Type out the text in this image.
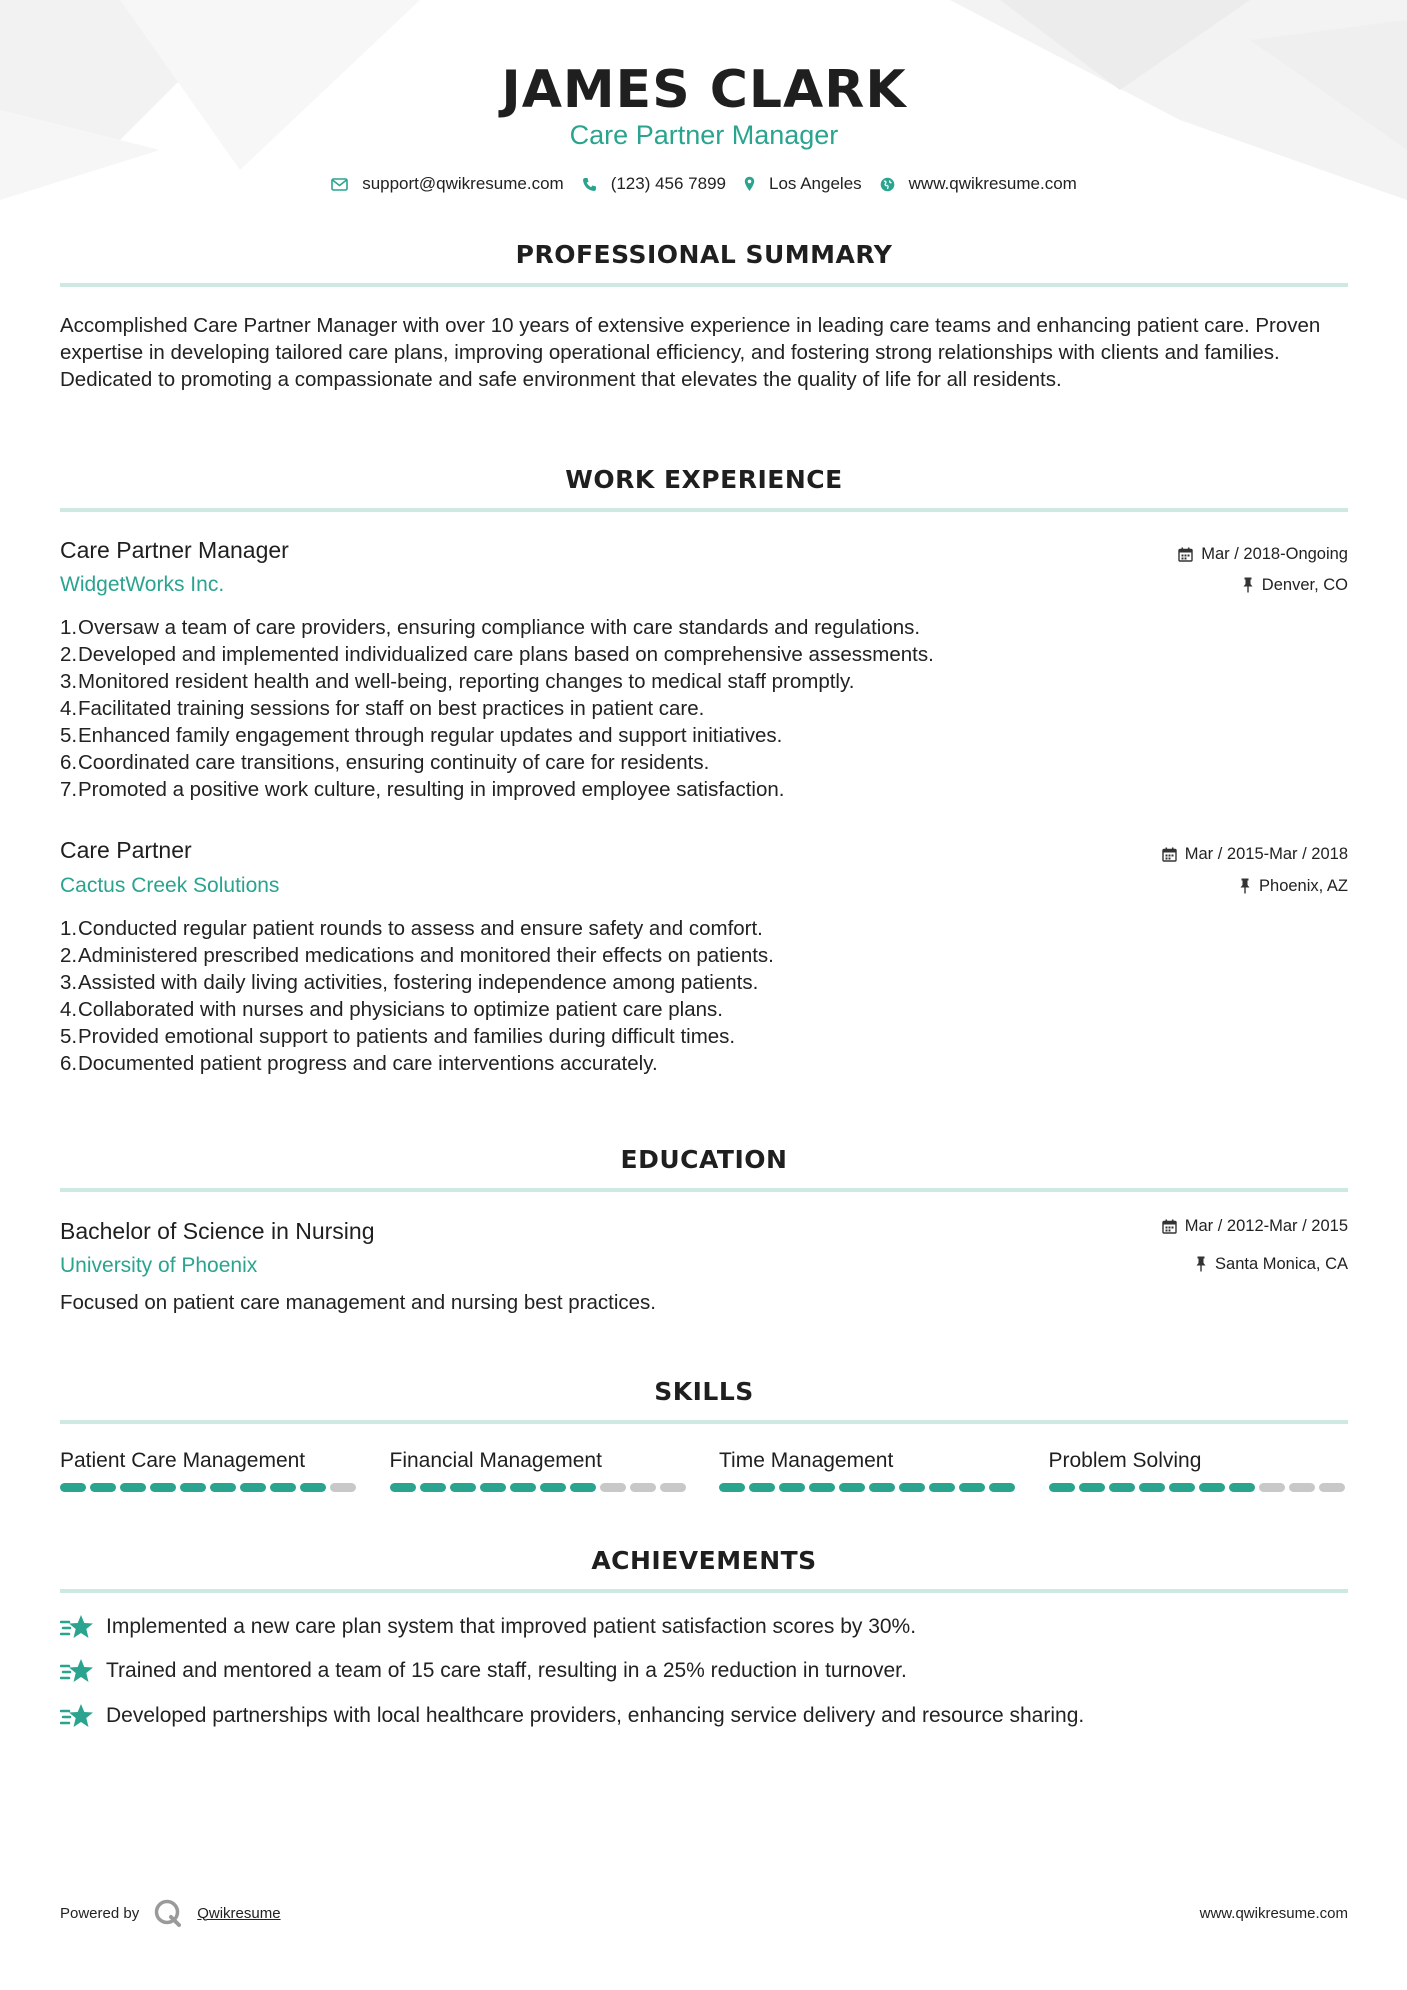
JAMES CLARK
Care Partner Manager
support@qwikresume.com	(123) 456 7899	Los Angeles	www.qwikresume.com
PROFESSIONAL SUMMARY
Accomplished Care Partner Manager with over 10 years of extensive experience in leading care teams and enhancing patient care. Proven expertise in developing tailored care plans, improving operational efficiency, and fostering strong relationships with clients and families. Dedicated to promoting a compassionate and safe environment that elevates the quality of life for all residents.
WORK EXPERIENCE
Care Partner Manager	Mar / 2018-Ongoing
WidgetWorks Inc.	Denver, CO
1. Oversaw a team of care providers, ensuring compliance with care standards and regulations.
2. Developed and implemented individualized care plans based on comprehensive assessments.
3. Monitored resident health and well-being, reporting changes to medical staff promptly.
4. Facilitated training sessions for staff on best practices in patient care.
5. Enhanced family engagement through regular updates and support initiatives.
6. Coordinated care transitions, ensuring continuity of care for residents.
7. Promoted a positive work culture, resulting in improved employee satisfaction.
Care Partner	Mar / 2015-Mar / 2018
Cactus Creek Solutions	Phoenix, AZ
1. Conducted regular patient rounds to assess and ensure safety and comfort.
2. Administered prescribed medications and monitored their effects on patients.
3. Assisted with daily living activities, fostering independence among patients.
4. Collaborated with nurses and physicians to optimize patient care plans.
5. Provided emotional support to patients and families during difficult times.
6. Documented patient progress and care interventions accurately.
EDUCATION
Bachelor of Science in Nursing	Mar / 2012-Mar / 2015
University of Phoenix	Santa Monica, CA
Focused on patient care management and nursing best practices.
SKILLS
Patient Care Management	Financial Management	Time Management	Problem Solving
ACHIEVEMENTS
Implemented a new care plan system that improved patient satisfaction scores by 30%.
Trained and mentored a team of 15 care staff, resulting in a 25% reduction in turnover.
Developed partnerships with local healthcare providers, enhancing service delivery and resource sharing.
Powered by	Qwikresume	www.qwikresume.com
